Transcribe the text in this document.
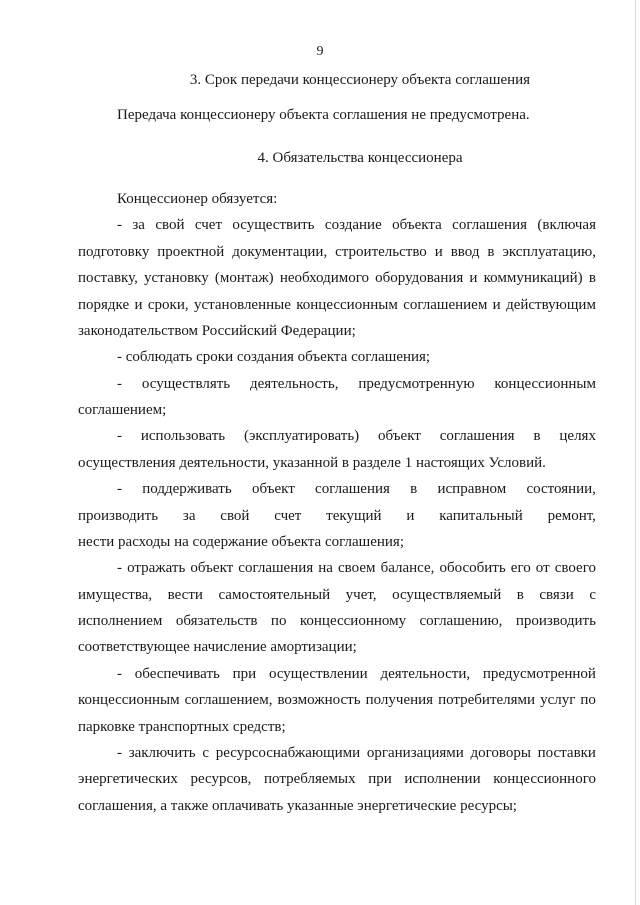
9
3. Срок передачи концессионеру объекта соглашения
Передача концессионеру объекта соглашения не предусмотрена.
4. Обязательства концессионера
Концессионер обязуется:
- за свой счет осуществить создание объекта соглашения (включая
подготовку проектной документации, строительство и ввод в эксплуатацию,
поставку, установку (монтаж) необходимого оборудования и коммуникаций) в
порядке и сроки, установленные концессионным соглашением и действующим
законодательством Российский Федерации;
- соблюдать сроки создания объекта соглашения;
- осуществлять деятельность, предусмотренную концессионным
соглашением;
- использовать (эксплуатировать) объект соглашения в целях
осуществления деятельности, указанной в разделе 1 настоящих Условий.
- поддерживать объект соглашения в исправном состоянии,
производить за свой счет текущий и капитальный ремонт,
нести расходы на содержание объекта соглашения;
- отражать объект соглашения на своем балансе, обособить его от своего
имущества, вести самостоятельный учет, осуществляемый в связи с
исполнением обязательств по концессионному соглашению, производить
соответствующее начисление амортизации;
- обеспечивать при осуществлении деятельности, предусмотренной
концессионным соглашением, возможность получения потребителями услуг по
парковке транспортных средств;
- заключить с ресурсоснабжающими организациями договоры поставки
энергетических ресурсов, потребляемых при исполнении концессионного
соглашения, а также оплачивать указанные энергетические ресурсы;
